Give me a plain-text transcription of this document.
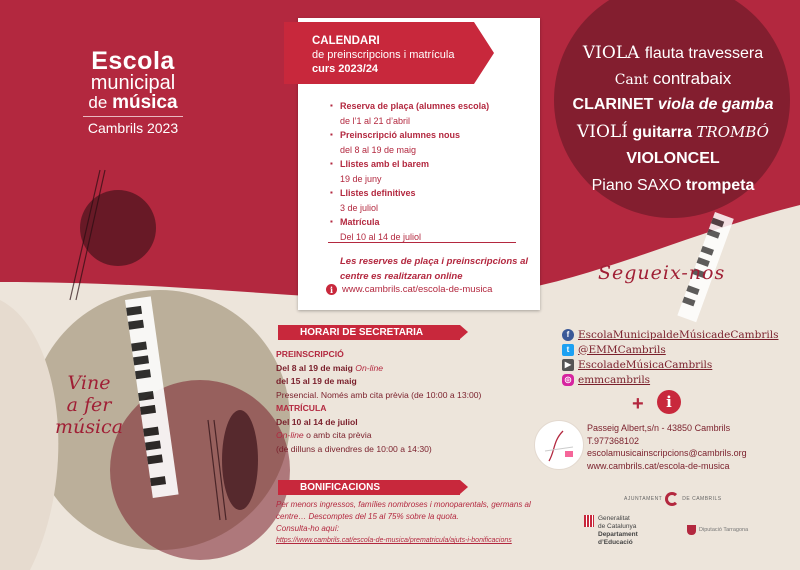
Escola
municipal
de música
Cambrils 2023
Vine
a fer
música
CALENDARI
de preinscripcions i matrícula
curs 2023/24
▪ Reserva de plaça (alumnes escola)
de l’1 al 21 d’abril
▪ Preinscripció alumnes nous
del 8 al 19 de maig
▪ Llistes amb el barem
19 de juny
▪ Llistes definitives
3 de juliol
▪ Matrícula
Del 10 al 14 de juliol
Les reserves de plaça i preinscripcions al centre es realitzaran online
i www.cambrils.cat/escola-de-musica
VIOLA flauta travessera
Cant contrabaix
CLARINET viola de gamba
VIOLÍ guitarra TROMBÓ
VIOLONCEL
Piano SAXO trompeta
Segueix-nos
HORARI DE SECRETARIA
PREINSCRIPCIÓ
Del 8 al 19 de maig On-line
del 15 al 19 de maig
Presencial. Només amb cita prèvia (de 10:00 a 13:00)
MATRÍCULA
Del 10 al 14 de juliol
On-line o amb cita prèvia
(de dilluns a divendres de 10:00 a 14:30)
BONIFICACIONS
Per menors ingressos, famílies nombroses i monoparentals, germans al
centre… Descomptes del 15 al 75% sobre la quota.
Consulta-ho aquí:
https://www.cambrils.cat/escola-de-musica/prematricula/ajuts-i-bonificacions
f EscolaMunicipaldeMúsicadeCambrils
t @EMMCambrils
▶ EscoladeMúsicaCambrils
◎ emmcambrils
+	i
Passeig Albert,s/n - 43850 Cambrils
T.977368102
escolamusicainscripcions@cambrils.org
www.cambrils.cat/escola-de-musica
AJUNTAMENT	DE CAMBRILS
Generalitat
de Catalunya
Departament
d’Educació
Diputació Tarragona
